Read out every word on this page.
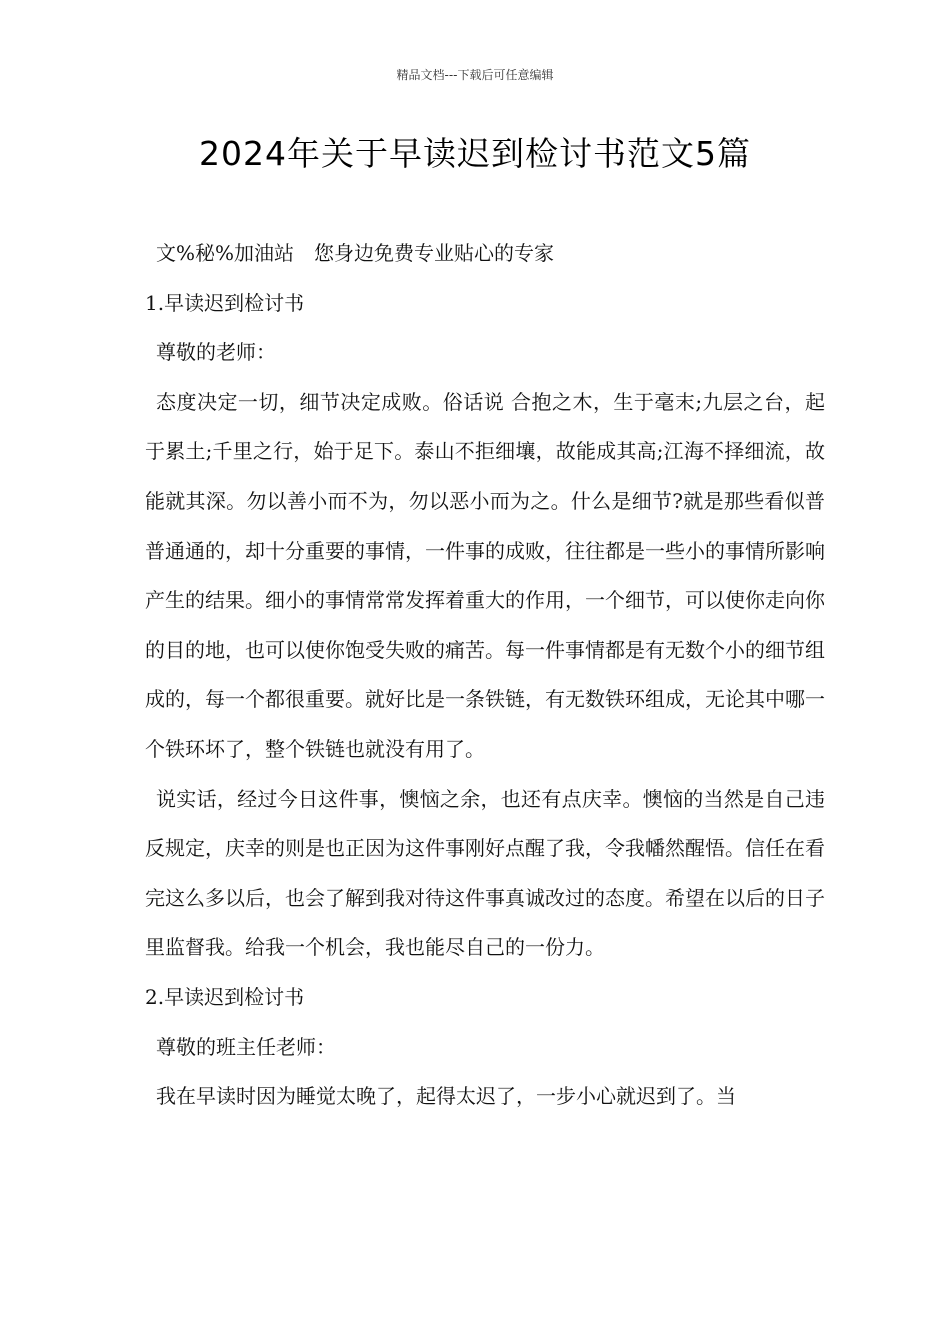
精品文档---下载后可任意编辑
2024年关于早读迟到检讨书范文5篇

文%秘%加油站　您身边免费专业贴心的专家

1.早读迟到检讨书

尊敬的老师：

态度决定一切，细节决定成败。俗话说 合抱之木，生于毫末;九层之台，起于累土;千里之行，始于足下。泰山不拒细壤，故能成其高;江海不择细流，故能就其深。勿以善小而不为，勿以恶小而为之。什么是细节?就是那些看似普普通通的，却十分重要的事情，一件事的成败，往往都是一些小的事情所影响产生的结果。细小的事情常常发挥着重大的作用，一个细节，可以使你走向你的目的地，也可以使你饱受失败的痛苦。每一件事情都是有无数个小的细节组成的，每一个都很重要。就好比是一条铁链，有无数铁环组成，无论其中哪一个铁环坏了，整个铁链也就没有用了。

说实话，经过今日这件事，懊恼之余，也还有点庆幸。懊恼的当然是自己违反规定，庆幸的则是也正因为这件事刚好点醒了我，令我幡然醒悟。信任在看完这么多以后，也会了解到我对待这件事真诚改过的态度。希望在以后的日子里监督我。给我一个机会，我也能尽自己的一份力。

2.早读迟到检讨书

尊敬的班主任老师：

我在早读时因为睡觉太晚了，起得太迟了，一步小心就迟到了。当
